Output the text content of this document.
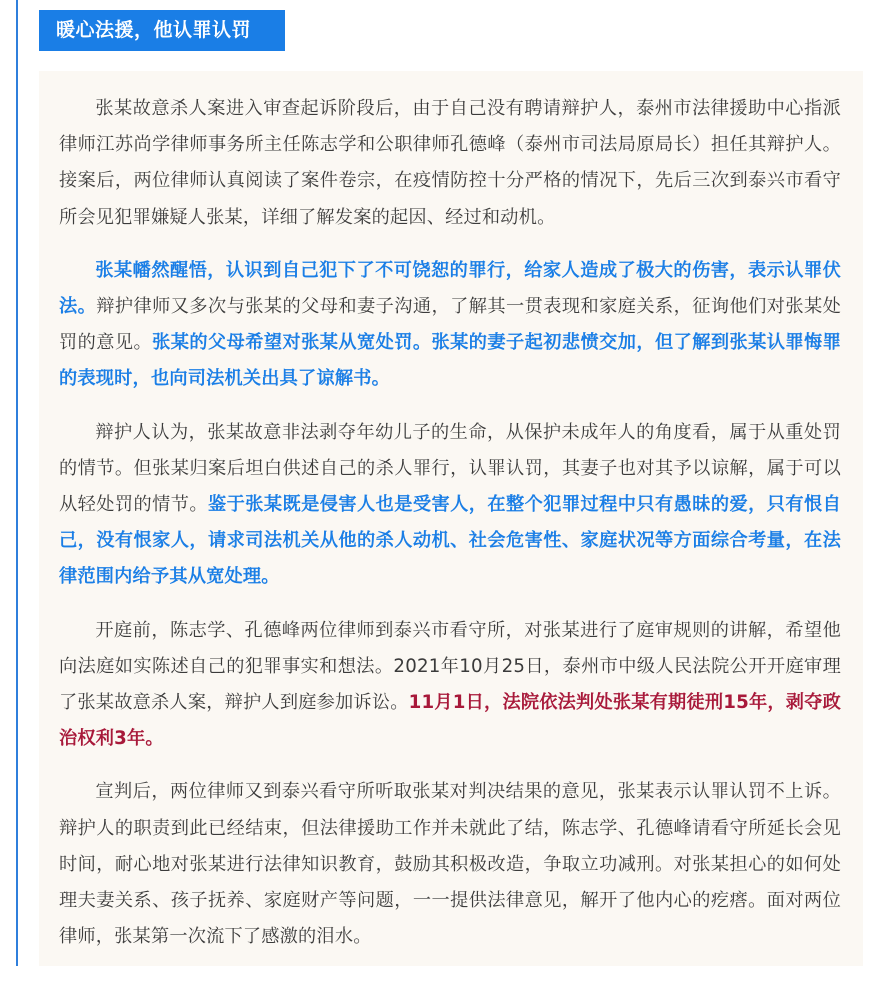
暖心法援，他认罪认罚

张某故意杀人案进入审查起诉阶段后，由于自己没有聘请辩护人，泰州市法律援助中心指派律师江苏尚学律师事务所主任陈志学和公职律师孔德峰（泰州市司法局原局长）担任其辩护人。接案后，两位律师认真阅读了案件卷宗，在疫情防控十分严格的情况下，先后三次到泰兴市看守所会见犯罪嫌疑人张某，详细了解发案的起因、经过和动机。

张某幡然醒悟，认识到自己犯下了不可饶恕的罪行，给家人造成了极大的伤害，表示认罪伏法。辩护律师又多次与张某的父母和妻子沟通，了解其一贯表现和家庭关系，征询他们对张某处罚的意见。张某的父母希望对张某从宽处罚。张某的妻子起初悲愤交加，但了解到张某认罪悔罪的表现时，也向司法机关出具了谅解书。

辩护人认为，张某故意非法剥夺年幼儿子的生命，从保护未成年人的角度看，属于从重处罚的情节。但张某归案后坦白供述自己的杀人罪行，认罪认罚，其妻子也对其予以谅解，属于可以从轻处罚的情节。鉴于张某既是侵害人也是受害人，在整个犯罪过程中只有愚昧的爱，只有恨自己，没有恨家人，请求司法机关从他的杀人动机、社会危害性、家庭状况等方面综合考量，在法律范围内给予其从宽处理。

开庭前，陈志学、孔德峰两位律师到泰兴市看守所，对张某进行了庭审规则的讲解，希望他向法庭如实陈述自己的犯罪事实和想法。2021年10月25日，泰州市中级人民法院公开开庭审理了张某故意杀人案，辩护人到庭参加诉讼。11月1日，法院依法判处张某有期徒刑15年，剥夺政治权利3年。

宣判后，两位律师又到泰兴看守所听取张某对判决结果的意见，张某表示认罪认罚不上诉。辩护人的职责到此已经结束，但法律援助工作并未就此了结，陈志学、孔德峰请看守所延长会见时间，耐心地对张某进行法律知识教育，鼓励其积极改造，争取立功减刑。对张某担心的如何处理夫妻关系、孩子抚养、家庭财产等问题，一一提供法律意见，解开了他内心的疙瘩。面对两位律师，张某第一次流下了感激的泪水。
